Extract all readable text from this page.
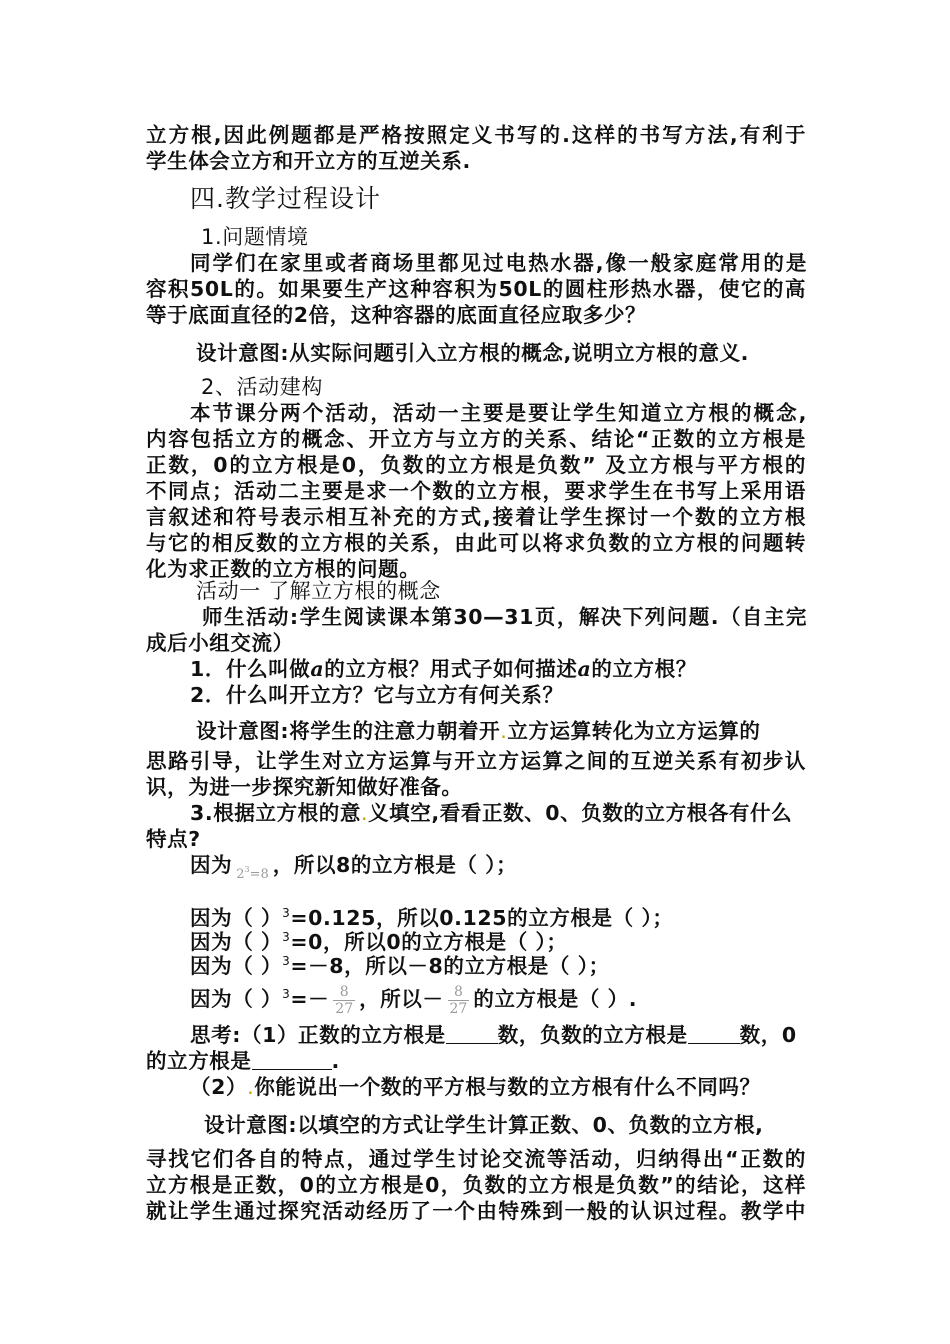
立方根,因此例题都是严格按照定义书写的.这样的书写方法,有利于
学生体会立方和开立方的互逆关系.
四.教学过程设计
1.问题情境
同学们在家里或者商场里都见过电热水器,像一般家庭常用的是
容积50L的。如果要生产这种容积为50L的圆柱形热水器，使它的高
等于底面直径的2倍，这种容器的底面直径应取多少？
设计意图:从实际问题引入立方根的概念,说明立方根的意义.
2、活动建构
本节课分两个活动，活动一主要是要让学生知道立方根的概念,
内容包括立方的概念、开立方与立方的关系、结论“正数的立方根是
正数，0的立方根是0，负数的立方根是负数” 及立方根与平方根的
不同点；活动二主要是求一个数的立方根，要求学生在书写上采用语
言叙述和符号表示相互补充的方式,接着让学生探讨一个数的立方根
与它的相反数的立方根的关系，由此可以将求负数的立方根的问题转
化为求正数的立方根的问题。
活动一 了解立方根的概念
师生活动:学生阅读课本第30—31页，解决下列问题.（自主完
成后小组交流）
1．什么叫做a的立方根？用式子如何描述a的立方根？
2．什么叫开立方？它与立方有何关系？
设计意图:将学生的注意力朝着开.立方运算转化为立方运算的
思路引导，让学生对立方运算与开立方运算之间的互逆关系有初步认
识，为进一步探究新知做好准备。
3.根据立方根的意.义填空,看看正数、0、负数的立方根各有什么
特点?
因为 $2^3=8$ ，所以8的立方根是（ ）；
因为（ ）$^3$=0.125，所以0.125的立方根是（ ）；
因为（ ）$^3$=0，所以0的立方根是（ ）；
因为（ ）$^3$=－8，所以－8的立方根是（ ）；
因为（ ）$^3=- \frac{8}{27}$ ，所以－ $\frac{8}{27}$ 的立方根是（ ）.
思考:（1）正数的立方根是	数，负数的立方根是	数，0
的立方根是	.
（2）.你能说出一个数的平方根与数的立方根有什么不同吗？
设计意图:以填空的方式让学生计算正数、0、负数的立方根,
寻找它们各自的特点，通过学生讨论交流等活动，归纳得出“正数的
立方根是正数，0的立方根是0，负数的立方根是负数”的结论，这样
就让学生通过探究活动经历了一个由特殊到一般的认识过程。教学中
